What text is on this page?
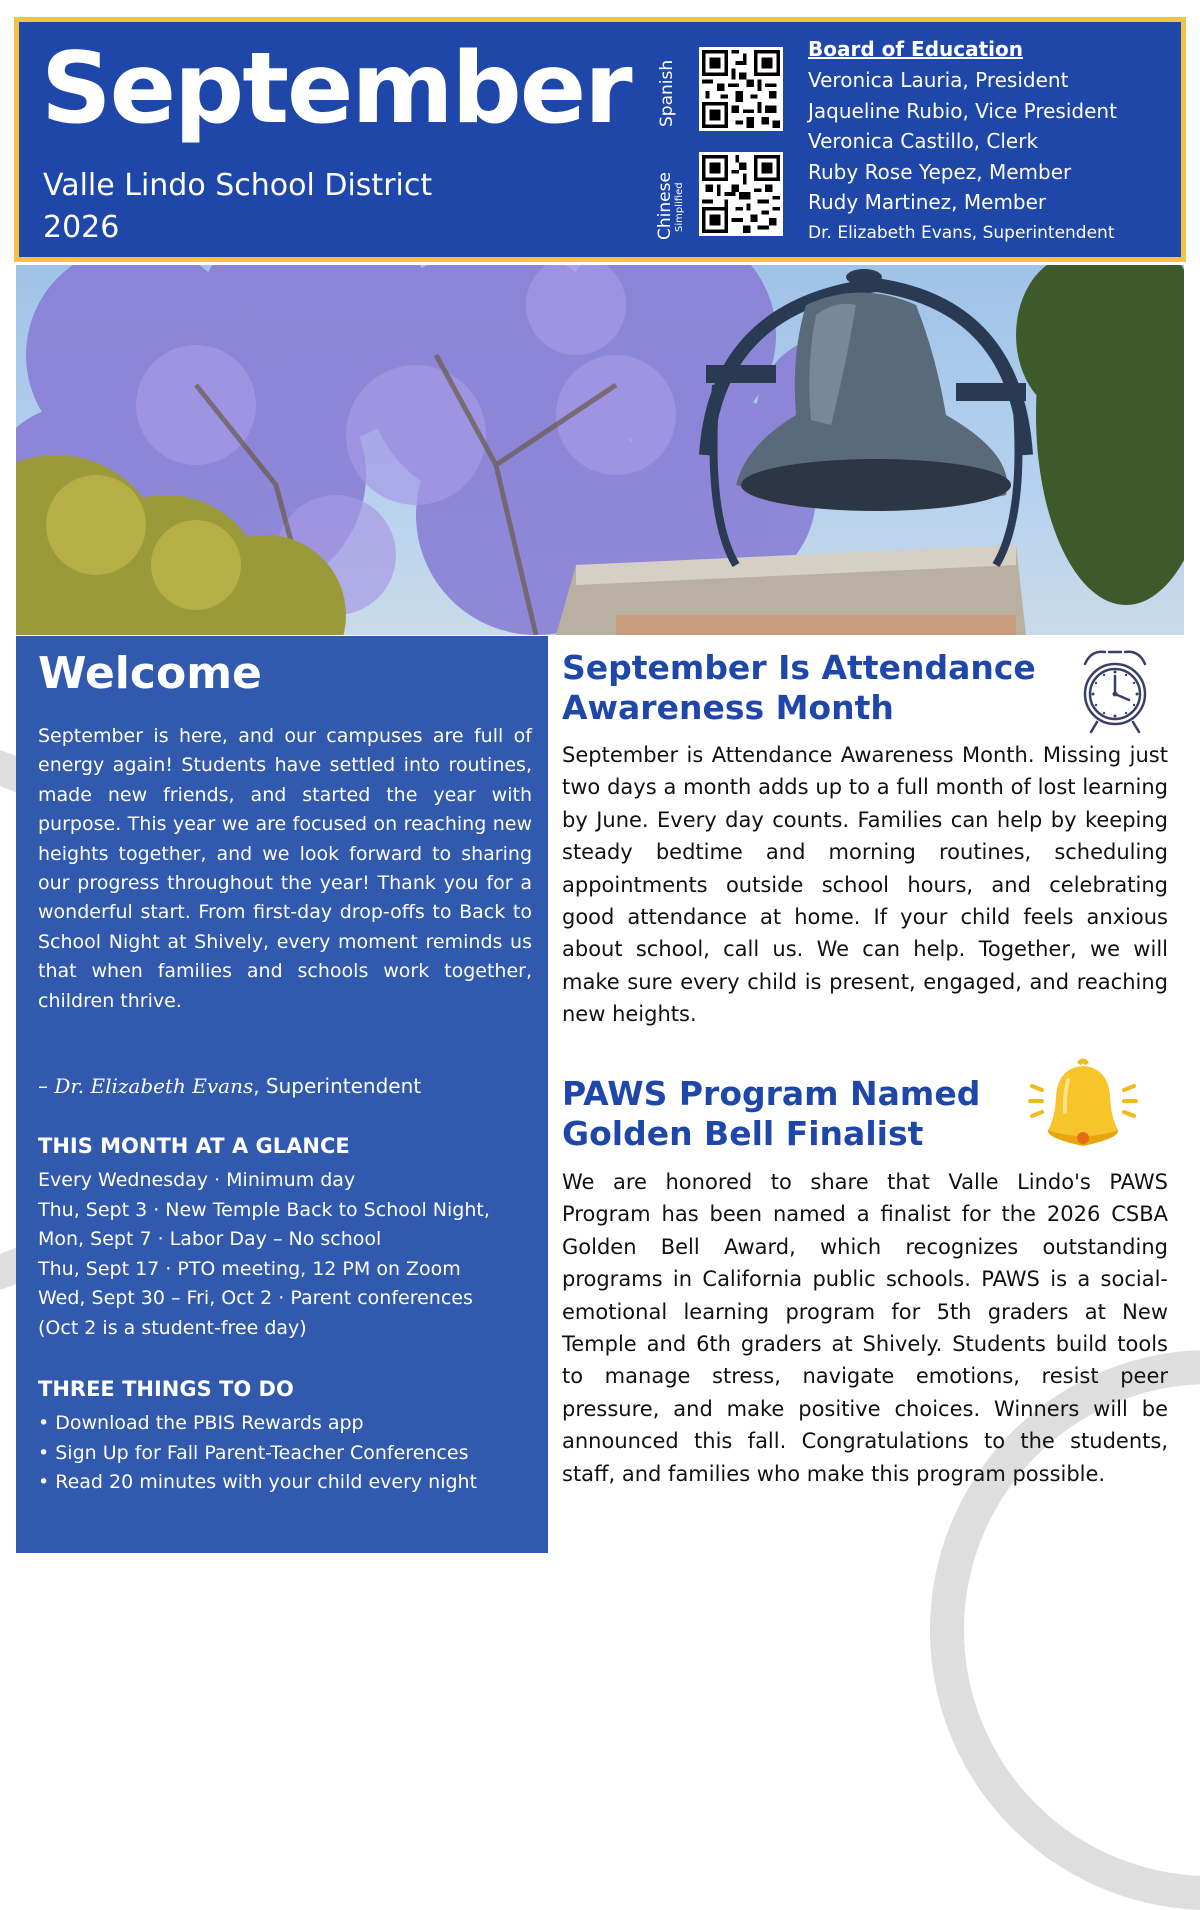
September
Valle Lindo School District
2026
Spanish
Chinese Simplified
Board of Education
Veronica Lauria, President
Jaqueline Rubio, Vice President
Veronica Castillo, Clerk
Ruby Rose Yepez, Member
Rudy Martinez, Member
Dr. Elizabeth Evans, Superintendent
Welcome

September is here, and our campuses are full of energy again! Students have settled into routines, made new friends, and started the year with purpose. This year we are focused on reaching new heights together, and we look forward to sharing our progress throughout the year! Thank you for a wonderful start. From first-day drop-offs to Back to School Night at Shively, every moment reminds us that when families and schools work together, children thrive.

– Dr. Elizabeth Evans, Superintendent
THIS MONTH AT A GLANCE
Every Wednesday · Minimum day
Thu, Sept 3 · New Temple Back to School Night,
Mon, Sept 7 · Labor Day – No school
Thu, Sept 17 · PTO meeting, 12 PM on Zoom
Wed, Sept 30 – Fri, Oct 2 · Parent conferences
(Oct 2 is a student-free day)
THREE THINGS TO DO
• Download the PBIS Rewards app
• Sign Up for Fall Parent-Teacher Conferences
• Read 20 minutes with your child every night
September Is Attendance Awareness Month

September is Attendance Awareness Month. Missing just two days a month adds up to a full month of lost learning by June. Every day counts. Families can help by keeping steady bedtime and morning routines, scheduling appointments outside school hours, and celebrating good attendance at home. If your child feels anxious about school, call us. We can help. Together, we will make sure every child is present, engaged, and reaching new heights.

PAWS Program Named Golden Bell Finalist

We are honored to share that Valle Lindo's PAWS Program has been named a finalist for the 2026 CSBA Golden Bell Award, which recognizes outstanding programs in California public schools. PAWS is a social-emotional learning program for 5th graders at New Temple and 6th graders at Shively. Students build tools to manage stress, navigate emotions, resist peer pressure, and make positive choices. Winners will be announced this fall. Congratulations to the students, staff, and families who make this program possible.
